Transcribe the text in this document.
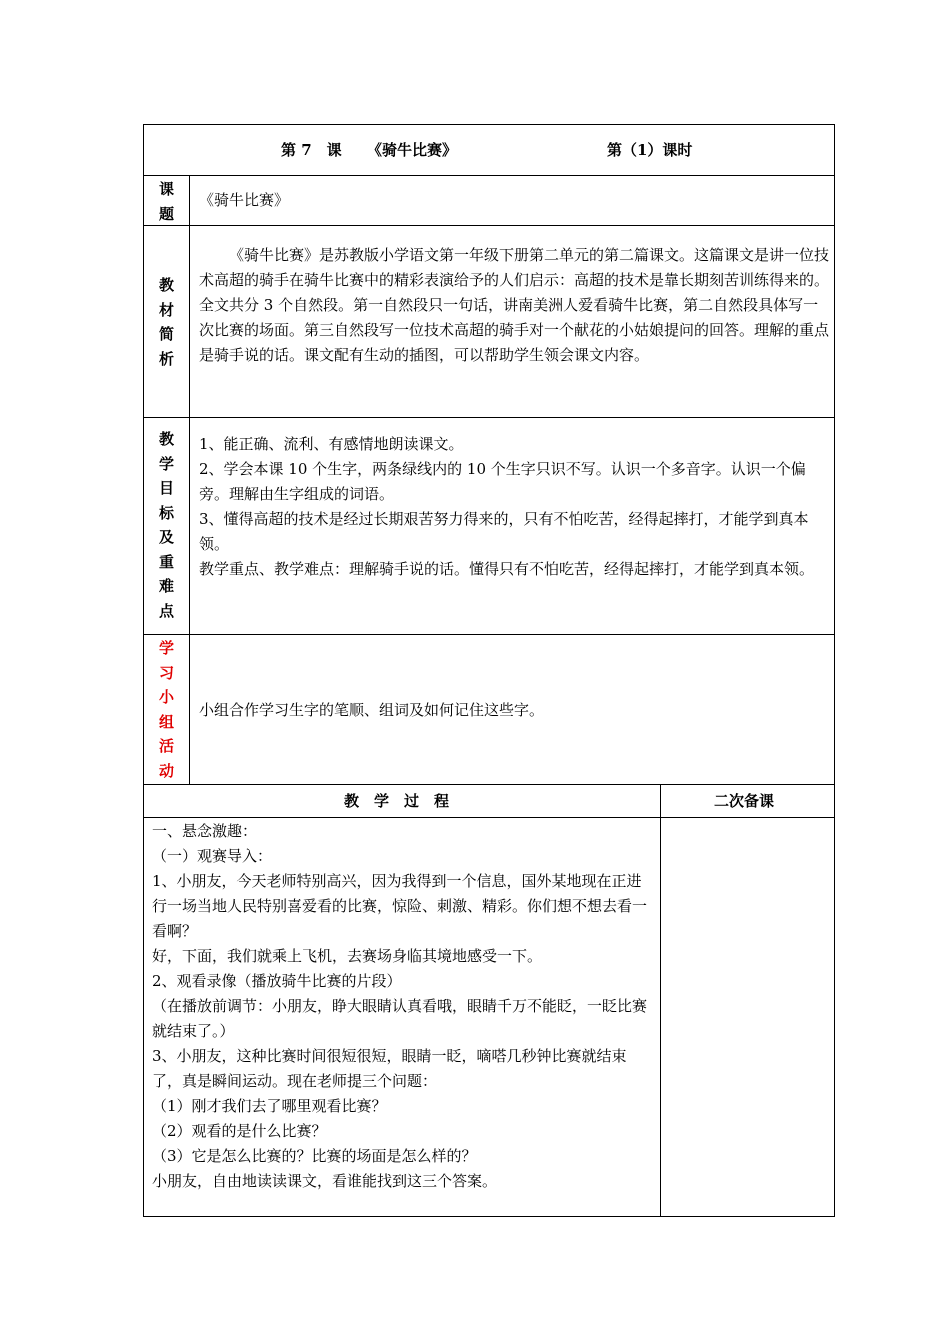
第 7　课 《骑牛比赛》	第（1）课时
课
题
《骑牛比赛》
教
材
简
析

《骑牛比赛》是苏教版小学语文第一年级下册第二单元的第二篇课文。这篇课文是讲一位技术高超的骑手在骑牛比赛中的精彩表演给予的人们启示：高超的技术是靠长期刻苦训练得来的。全文共分 3 个自然段。第一自然段只一句话，讲南美洲人爱看骑牛比赛，第二自然段具体写一次比赛的场面。第三自然段写一位技术高超的骑手对一个献花的小姑娘提问的回答。理解的重点是骑手说的话。课文配有生动的插图，可以帮助学生领会课文内容。

教
学
目
标
及
重
难
点

1、能正确、流利、有感情地朗读课文。

2、学会本课 10 个生字，两条绿线内的 10 个生字只识不写。认识一个多音字。认识一个偏旁。理解由生字组成的词语。

3、懂得高超的技术是经过长期艰苦努力得来的，只有不怕吃苦，经得起摔打，才能学到真本领。

教学重点、教学难点：理解骑手说的话。懂得只有不怕吃苦，经得起摔打，才能学到真本领。

学
习
小
组
活
动
小组合作学习生字的笔顺、组词及如何记住这些字。
教　学　过　程	二次备课

一、悬念激趣：

（一）观赛导入：

1、小朋友，今天老师特别高兴，因为我得到一个信息，国外某地现在正进行一场当地人民特别喜爱看的比赛，惊险、刺激、精彩。你们想不想去看一看啊？

好，下面，我们就乘上飞机，去赛场身临其境地感受一下。

2、观看录像（播放骑牛比赛的片段）

（在播放前调节：小朋友，睁大眼睛认真看哦，眼睛千万不能眨，一眨比赛就结束了。）

3、小朋友，这种比赛时间很短很短，眼睛一眨，嘀嗒几秒钟比赛就结束了，真是瞬间运动。现在老师提三个问题：

（1）刚才我们去了哪里观看比赛？

（2）观看的是什么比赛？

（3）它是怎么比赛的？比赛的场面是怎么样的？

小朋友，自由地读读课文，看谁能找到这三个答案。
